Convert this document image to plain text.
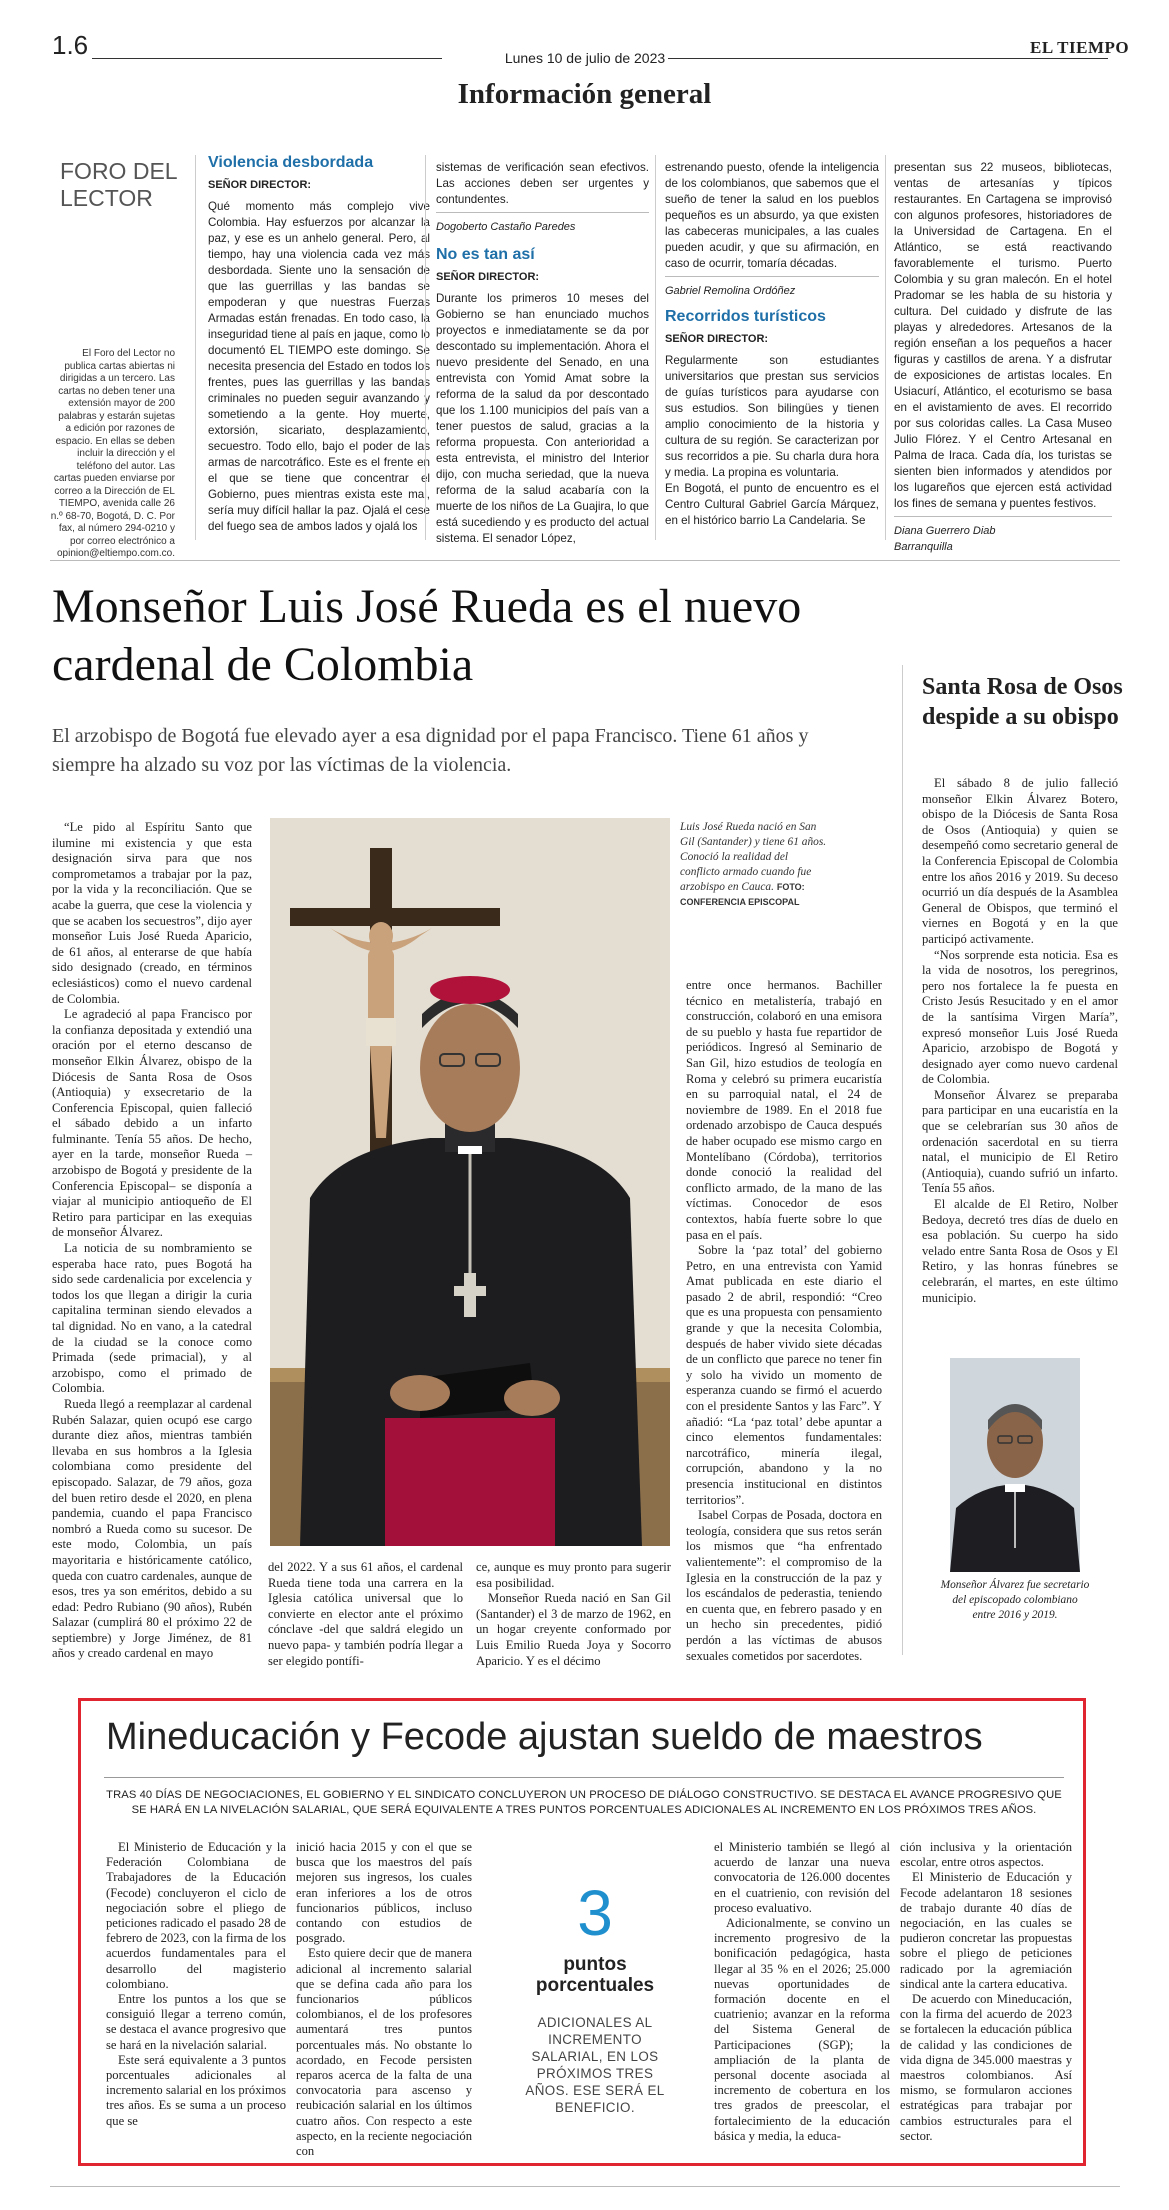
1.6	Lunes 10 de julio de 2023
EL TIEMPO
Información general
FORO DEL LECTOR
El Foro del Lector no publica cartas abiertas ni dirigidas a un tercero. Las cartas no deben tener una extensión mayor de 200 palabras y estarán sujetas a edición por razones de espacio. En ellas se deben incluir la dirección y el teléfono del autor. Las cartas pueden enviarse por correo a la Dirección de EL TIEMPO, avenida calle 26 n.º 68-70, Bogotá, D. C. Por fax, al número 294-0210 y por correo electrónico a opinion@eltiempo.com.co.
Violencia desbordada
SEÑOR DIRECTOR:

Qué momento más complejo vive Colombia. Hay esfuerzos por alcanzar la paz, y ese es un anhelo general. Pero, al tiempo, hay una violencia cada vez más desbordada. Siente uno la sensación de que las guerrillas y las bandas se empoderan y que nuestras Fuerzas Armadas están frenadas. En todo caso, la inseguridad tiene al país en jaque, como lo documentó EL TIEMPO este domingo. Se necesita presencia del Estado en todos los frentes, pues las guerrillas y las bandas criminales no pueden seguir avanzando y sometiendo a la gente. Hoy muerte, extorsión, sicariato, desplazamiento, secuestro. Todo ello, bajo el poder de las armas de narcotráfico. Este es el frente en el que se tiene que concentrar el Gobierno, pues mientras exista este mal, sería muy difícil hallar la paz. Ojalá el cese del fuego sea de ambos lados y ojalá los

sistemas de verificación sean efectivos. Las acciones deben ser urgentes y contundentes.

Dogoberto Castaño Paredes
No es tan así
SEÑOR DIRECTOR:

Durante los primeros 10 meses del Gobierno se han enunciado muchos proyectos e inmediatamente se da por descontado su implementación. Ahora el nuevo presidente del Senado, en una entrevista con Yomid Amat sobre la reforma de la salud da por descontado que los 1.100 municipios del país van a tener puestos de salud, gracias a la reforma propuesta. Con anterioridad a esta entrevista, el ministro del Interior dijo, con mucha seriedad, que la nueva reforma de la salud acabaría con la muerte de los niños de La Guajira, lo que está sucediendo y es producto del actual sistema. El senador López,

estrenando puesto, ofende la inteligencia de los colombianos, que sabemos que el sueño de tener la salud en los pueblos pequeños es un absurdo, ya que existen las cabeceras municipales, a las cuales pueden acudir, y que su afirmación, en caso de ocurrir, tomaría décadas.

Gabriel Remolina Ordóñez
Recorridos turísticos
SEÑOR DIRECTOR:

Regularmente son estudiantes universitarios que prestan sus servicios de guías turísticos para ayudarse con sus estudios. Son bilingües y tienen amplio conocimiento de la historia y cultura de su región. Se caracterizan por sus recorridos a pie. Su charla dura hora y media. La propina es voluntaria.

En Bogotá, el punto de encuentro es el Centro Cultural Gabriel García Márquez, en el histórico barrio La Candelaria. Se

presentan sus 22 museos, bibliotecas, ventas de artesanías y típicos restaurantes. En Cartagena se improvisó con algunos profesores, historiadores de la Universidad de Cartagena. En el Atlántico, se está reactivando favorablemente el turismo. Puerto Colombia y su gran malecón. En el hotel Pradomar se les habla de su historia y cultura. Del cuidado y disfrute de las playas y alrededores. Artesanos de la región enseñan a los pequeños a hacer figuras y castillos de arena. Y a disfrutar de exposiciones de artistas locales. En Usiacurí, Atlántico, el ecoturismo se basa en el avistamiento de aves. El recorrido por sus coloridas calles. La Casa Museo Julio Flórez. Y el Centro Artesanal en Palma de Iraca. Cada día, los turistas se sienten bien informados y atendidos por los lugareños que ejercen está actividad los fines de semana y puentes festivos.

Diana Guerrero Diab
Barranquilla
Monseñor Luis José Rueda es el nuevo cardenal de Colombia
El arzobispo de Bogotá fue elevado ayer a esa dignidad por el papa Francisco. Tiene 61 años y siempre ha alzado su voz por las víctimas de la violencia.

“Le pido al Espíritu Santo que ilumine mi existencia y que esta designación sirva para que nos comprometamos a trabajar por la paz, por la vida y la reconciliación. Que se acabe la guerra, que cese la violencia y que se acaben los secuestros”, dijo ayer monseñor Luis José Rueda Aparicio, de 61 años, al enterarse de que había sido designado (creado, en términos eclesiásticos) como el nuevo cardenal de Colombia.

Le agradeció al papa Francisco por la confianza depositada y extendió una oración por el eterno descanso de monseñor Elkin Álvarez, obispo de la Diócesis de Santa Rosa de Osos (Antioquia) y exsecretario de la Conferencia Episcopal, quien falleció el sábado debido a un infarto fulminante. Tenía 55 años. De hecho, ayer en la tarde, monseñor Rueda –arzobispo de Bogotá y presidente de la Conferencia Episcopal– se disponía a viajar al municipio antioqueño de El Retiro para participar en las exequias de monseñor Álvarez.

La noticia de su nombramiento se esperaba hace rato, pues Bogotá ha sido sede cardenalicia por excelencia y todos los que llegan a dirigir la curia capitalina terminan siendo elevados a tal dignidad. No en vano, a la catedral de la ciudad se la conoce como Primada (sede primacial), y al arzobispo, como el primado de Colombia.

Rueda llegó a reemplazar al cardenal Rubén Salazar, quien ocupó ese cargo durante diez años, mientras también llevaba en sus hombros a la Iglesia colombiana como presidente del episcopado. Salazar, de 79 años, goza del buen retiro desde el 2020, en plena pandemia, cuando el papa Francisco nombró a Rueda como su sucesor. De este modo, Colombia, un país mayoritaria e históricamente católico, queda con cuatro cardenales, aunque de esos, tres ya son eméritos, debido a su edad: Pedro Rubiano (90 años), Rubén Salazar (cumplirá 80 el próximo 22 de septiembre) y Jorge Jiménez, de 81 años y creado cardenal en mayo

Luis José Rueda nació en San Gil (Santander) y tiene 61 años. Conoció la realidad del conflicto armado cuando fue arzobispo en Cauca. FOTO: CONFERENCIA EPISCOPAL

del 2022. Y a sus 61 años, el cardenal Rueda tiene toda una carrera en la Iglesia católica universal que lo convierte en elector ante el próximo cónclave -del que saldrá elegido un nuevo papa- y también podría llegar a ser elegido pontífi-

ce, aunque es muy pronto para sugerir esa posibilidad.

Monseñor Rueda nació en San Gil (Santander) el 3 de marzo de 1962, en un hogar creyente conformado por Luis Emilio Rueda Joya y Socorro Aparicio. Y es el décimo

entre once hermanos. Bachiller técnico en metalistería, trabajó en construcción, colaboró en una emisora de su pueblo y hasta fue repartidor de periódicos. Ingresó al Seminario de San Gil, hizo estudios de teología en Roma y celebró su primera eucaristía en su parroquial natal, el 24 de noviembre de 1989. En el 2018 fue ordenado arzobispo de Cauca después de haber ocupado ese mismo cargo en Montelíbano (Córdoba), territorios donde conoció la realidad del conflicto armado, de la mano de las víctimas. Conocedor de esos contextos, había fuerte sobre lo que pasa en el país.

Sobre la ‘paz total’ del gobierno Petro, en una entrevista con Yamid Amat publicada en este diario el pasado 2 de abril, respondió: “Creo que es una propuesta con pensamiento grande y que la necesita Colombia, después de haber vivido siete décadas de un conflicto que parece no tener fin y solo ha vivido un momento de esperanza cuando se firmó el acuerdo con el presidente Santos y las Farc”. Y añadió: “La ‘paz total’ debe apuntar a cinco elementos fundamentales: narcotráfico, minería ilegal, corrupción, abandono y la no presencia institucional en distintos territorios”.

Isabel Corpas de Posada, doctora en teología, considera que sus retos serán los mismos que “ha enfrentado valientemente”: el compromiso de la Iglesia en la construcción de la paz y los escándalos de pederastia, teniendo en cuenta que, en febrero pasado y en un hecho sin precedentes, pidió perdón a las víctimas de abusos sexuales cometidos por sacerdotes.

Santa Rosa de Osos despide a su obispo

El sábado 8 de julio falleció monseñor Elkin Álvarez Botero, obispo de la Diócesis de Santa Rosa de Osos (Antioquia) y quien se desempeñó como secretario general de la Conferencia Episcopal de Colombia entre los años 2016 y 2019. Su deceso ocurrió un día después de la Asamblea General de Obispos, que terminó el viernes en Bogotá y en la que participó activamente.

“Nos sorprende esta noticia. Esa es la vida de nosotros, los peregrinos, pero nos fortalece la fe puesta en Cristo Jesús Resucitado y en el amor de la santísima Virgen María”, expresó monseñor Luis José Rueda Aparicio, arzobispo de Bogotá y designado ayer como nuevo cardenal de Colombia.

Monseñor Álvarez se preparaba para participar en una eucaristía en la que se celebrarían sus 30 años de ordenación sacerdotal en su tierra natal, el municipio de El Retiro (Antioquia), cuando sufrió un infarto. Tenía 55 años.

El alcalde de El Retiro, Nolber Bedoya, decretó tres días de duelo en esa población. Su cuerpo ha sido velado entre Santa Rosa de Osos y El Retiro, y las honras fúnebres se celebrarán, el martes, en este último municipio.

Monseñor Álvarez fue secretario del episcopado colombiano entre 2016 y 2019.
Mineducación y Fecode ajustan sueldo de maestros
TRAS 40 DÍAS DE NEGOCIACIONES, EL GOBIERNO Y EL SINDICATO CONCLUYERON UN PROCESO DE DIÁLOGO CONSTRUCTIVO. SE DESTACA EL AVANCE PROGRESIVO QUE SE HARÁ EN LA NIVELACIÓN SALARIAL, QUE SERÁ EQUIVALENTE A TRES PUNTOS PORCENTUALES ADICIONALES AL INCREMENTO EN LOS PRÓXIMOS TRES AÑOS.

El Ministerio de Educación y la Federación Colombiana de Trabajadores de la Educación (Fecode) concluyeron el ciclo de negociación sobre el pliego de peticiones radicado el pasado 28 de febrero de 2023, con la firma de los acuerdos fundamentales para el desarrollo del magisterio colombiano.

Entre los puntos a los que se consiguió llegar a terreno común, se destaca el avance progresivo que se hará en la nivelación salarial.

Este será equivalente a 3 puntos porcentuales adicionales al incremento salarial en los próximos tres años. Es se suma a un proceso que se

inició hacia 2015 y con el que se busca que los maestros del país mejoren sus ingresos, los cuales eran inferiores a los de otros funcionarios públicos, incluso contando con estudios de posgrado.

Esto quiere decir que de manera adicional al incremento salarial que se defina cada año para los funcionarios públicos colombianos, el de los profesores aumentará tres puntos porcentuales más. No obstante lo acordado, en Fecode persisten reparos acerca de la falta de una convocatoria para ascenso y reubicación salarial en los últimos cuatro años. Con respecto a este aspecto, en la reciente negociación con

3
puntos porcentuales
ADICIONALES AL INCREMENTO SALARIAL, EN LOS PRÓXIMOS TRES AÑOS. ESE SERÁ EL BENEFICIO.

el Ministerio también se llegó al acuerdo de lanzar una nueva convocatoria de 126.000 docentes en el cuatrienio, con revisión del proceso evaluativo.

Adicionalmente, se convino un incremento progresivo de la bonificación pedagógica, hasta llegar al 35 % en el 2026; 25.000 nuevas oportunidades de formación docente en el cuatrienio; avanzar en la reforma del Sistema General de Participaciones (SGP); la ampliación de la planta de personal docente asociada al incremento de cobertura en los tres grados de preescolar, el fortalecimiento de la educación básica y media, la educa-

ción inclusiva y la orientación escolar, entre otros aspectos.

El Ministerio de Educación y Fecode adelantaron 18 sesiones de trabajo durante 40 días de negociación, en las cuales se pudieron concretar las propuestas sobre el pliego de peticiones radicado por la agremiación sindical ante la cartera educativa.

De acuerdo con Mineducación, con la firma del acuerdo de 2023 se fortalecen la educación pública de calidad y las condiciones de vida digna de 345.000 maestras y maestros colombianos. Así mismo, se formularon acciones estratégicas para trabajar por cambios estructurales para el sector.
